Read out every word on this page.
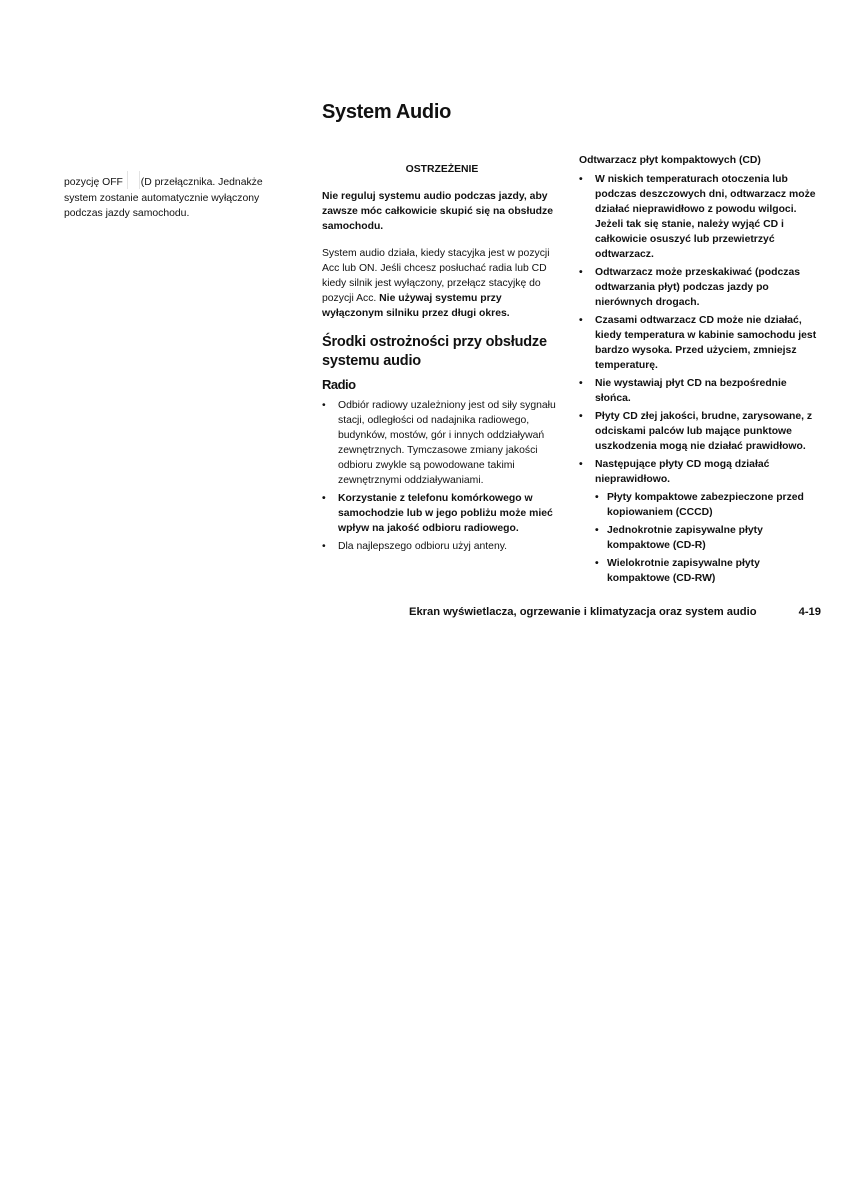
System Audio

pozycję OFF (D przełącznika. Jednakże system zostanie automatycznie wyłączony podczas jazdy samochodu.

OSTRZEŻENIE

Nie reguluj systemu audio podczas jazdy, aby zawsze móc całkowicie skupić się na obsłudze samochodu.

System audio działa, kiedy stacyjka jest w pozycji Acc lub ON. Jeśli chcesz posłuchać radia lub CD kiedy silnik jest wyłączony, przełącz stacyjkę do pozycji Acc. Nie używaj systemu przy wyłączonym silniku przez długi okres.

Środki ostrożności przy obsłudze systemu audio

Radio

• Odbiór radiowy uzależniony jest od siły sygnału stacji, odległości od nadajnika radiowego, budynków, mostów, gór i innych oddziaływań zewnętrznych. Tymczasowe zmiany jakości odbioru zwykle są powodowane takimi zewnętrznymi oddziaływaniami.
• Korzystanie z telefonu komórkowego w samochodzie lub w jego pobliżu może mieć wpływ na jakość odbioru radiowego.
• Dla najlepszego odbioru użyj anteny.

Odtwarzacz płyt kompaktowych (CD)

• W niskich temperaturach otoczenia lub podczas deszczowych dni, odtwarzacz może działać nieprawidłowo z powodu wilgoci. Jeżeli tak się stanie, należy wyjąć CD i całkowicie osuszyć lub przewietrzyć odtwarzacz.
• Odtwarzacz może przeskakiwać (podczas odtwarzania płyt) podczas jazdy po nierównych drogach.
• Czasami odtwarzacz CD może nie działać, kiedy temperatura w kabinie samochodu jest bardzo wysoka. Przed użyciem, zmniejsz temperaturę.
• Nie wystawiaj płyt CD na bezpośrednie słońca.
• Płyty CD złej jakości, brudne, zarysowane, z odciskami palców lub mające punktowe uszkodzenia mogą nie działać prawidłowo.
• Następujące płyty CD mogą działać nieprawidłowo.
• Płyty kompaktowe zabezpieczone przed kopiowaniem (CCCD)
• Jednokrotnie zapisywalne płyty kompaktowe (CD-R)
• Wielokrotnie zapisywalne płyty kompaktowe (CD-RW)
Ekran wyświetlacza, ogrzewanie i klimatyzacja oraz system audio	4-19
